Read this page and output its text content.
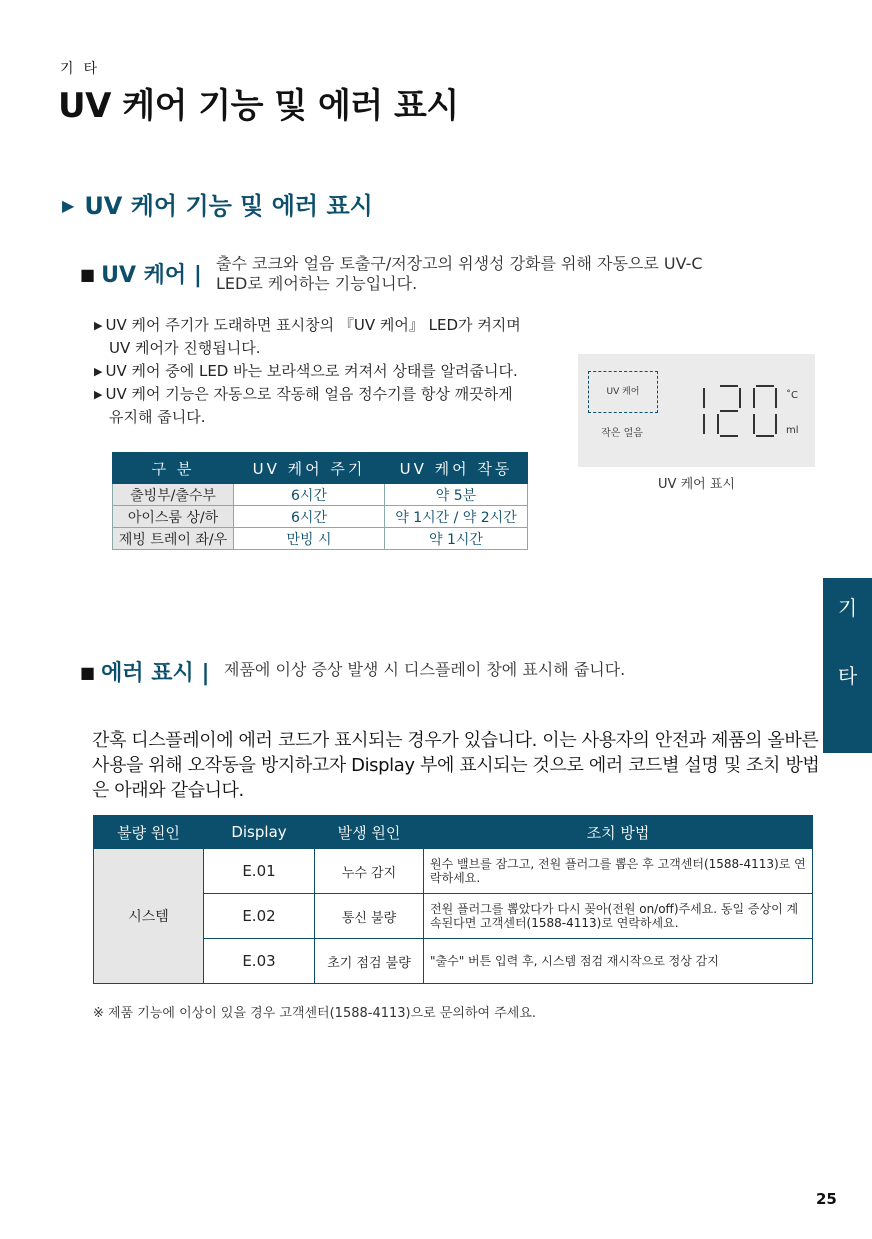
기타
UV 케어 기능 및 에러 표시
▶ UV 케어 기능 및 에러 표시
■ UV 케어 | 출수 코크와 얼음 토출구/저장고의 위생성 강화를 위해 자동으로 UV-C
LED로 케어하는 기능입니다.
▶ UV 케어 주기가 도래하면 표시창의 『UV 케어』 LED가 켜지며
UV 케어가 진행됩니다.
▶ UV 케어 중에 LED 바는 보라색으로 켜져서 상태를 알려줍니다.
▶ UV 케어 기능은 자동으로 작동해 얼음 정수기를 항상 깨끗하게
유지해 줍니다.
구 분	UV 케어 주기	UV 케어 작동
출빙부/출수부	6시간	약 5분
아이스룸 상/하	6시간	약 1시간 / 약 2시간
제빙 트레이 좌/우	만빙 시	약 1시간
UV 케어
작은 얼음
˚C
ml
UV 케어 표시
기
타
■ 에러 표시 | 제품에 이상 증상 발생 시 디스플레이 창에 표시해 줍니다.
간혹 디스플레이에 에러 코드가 표시되는 경우가 있습니다. 이는 사용자의 안전과 제품의 올바른 사용을 위해 오작동을 방지하고자 Display 부에 표시되는 것으로 에러 코드별 설명 및 조치 방법은 아래와 같습니다.
불량 원인	Display	발생 원인	조치 방법
시스템	E.01	누수 감지	원수 밸브를 잠그고, 전원 플러그를 뽑은 후 고객센터(1588-4113)로 연락하세요.
	E.02	통신 불량	전원 플러그를 뽑았다가 다시 꽂아(전원 on/off)주세요. 동일 증상이 계속된다면 고객센터(1588-4113)로 연락하세요.
	E.03	초기 점검 불량	"출수" 버튼 입력 후, 시스템 점검 재시작으로 정상 감지
※ 제품 기능에 이상이 있을 경우 고객센터(1588-4113)으로 문의하여 주세요.
25
